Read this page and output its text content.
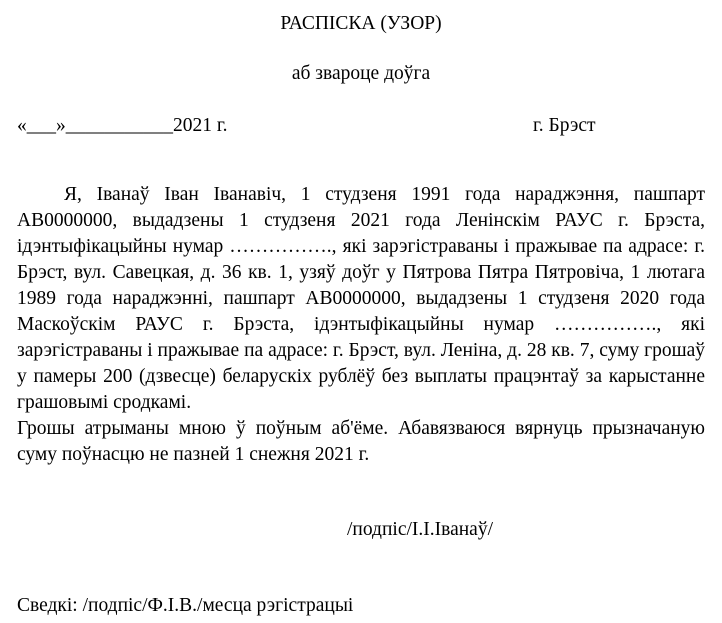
РАСПІСКА (УЗОР)
аб звароце доўга
«___»___________2021 г.	г. Брэст

Я, Іванаў Іван Іванавіч, 1 студзеня 1991 года нараджэння, пашпарт АВ0000000, выдадзены 1 студзеня 2021 года Ленінскім РАУС г. Брэста, ідэнтыфікацыйны нумар ……………., які зарэгістраваны і пражывае па адрасе: г. Брэст, вул. Савецкая, д. 36 кв. 1, узяў доўг у Пятрова Пятра Пятровіча, 1 лютага 1989 года нараджэнні, пашпарт АВ0000000, выдадзены 1 студзеня 2020 года Маскоўскім РАУС г. Брэста, ідэнтыфікацыйны нумар ……………., які зарэгістраваны і пражывае па адрасе: г. Брэст, вул. Леніна, д. 28 кв. 7, суму грошаў у памеры 200 (дзвесце) беларускіх рублёў без выплаты працэнтаў за карыстанне грашовымі сродкамі.

Грошы атрыманы мною ў поўным аб'ёме. Абавязваюся вярнуць прызначаную суму поўнасцю не пазней 1 снежня 2021 г.

/подпіс/І.І.Іванаў/
Сведкі: /подпіс/Ф.І.В./месца рэгістрацыі
